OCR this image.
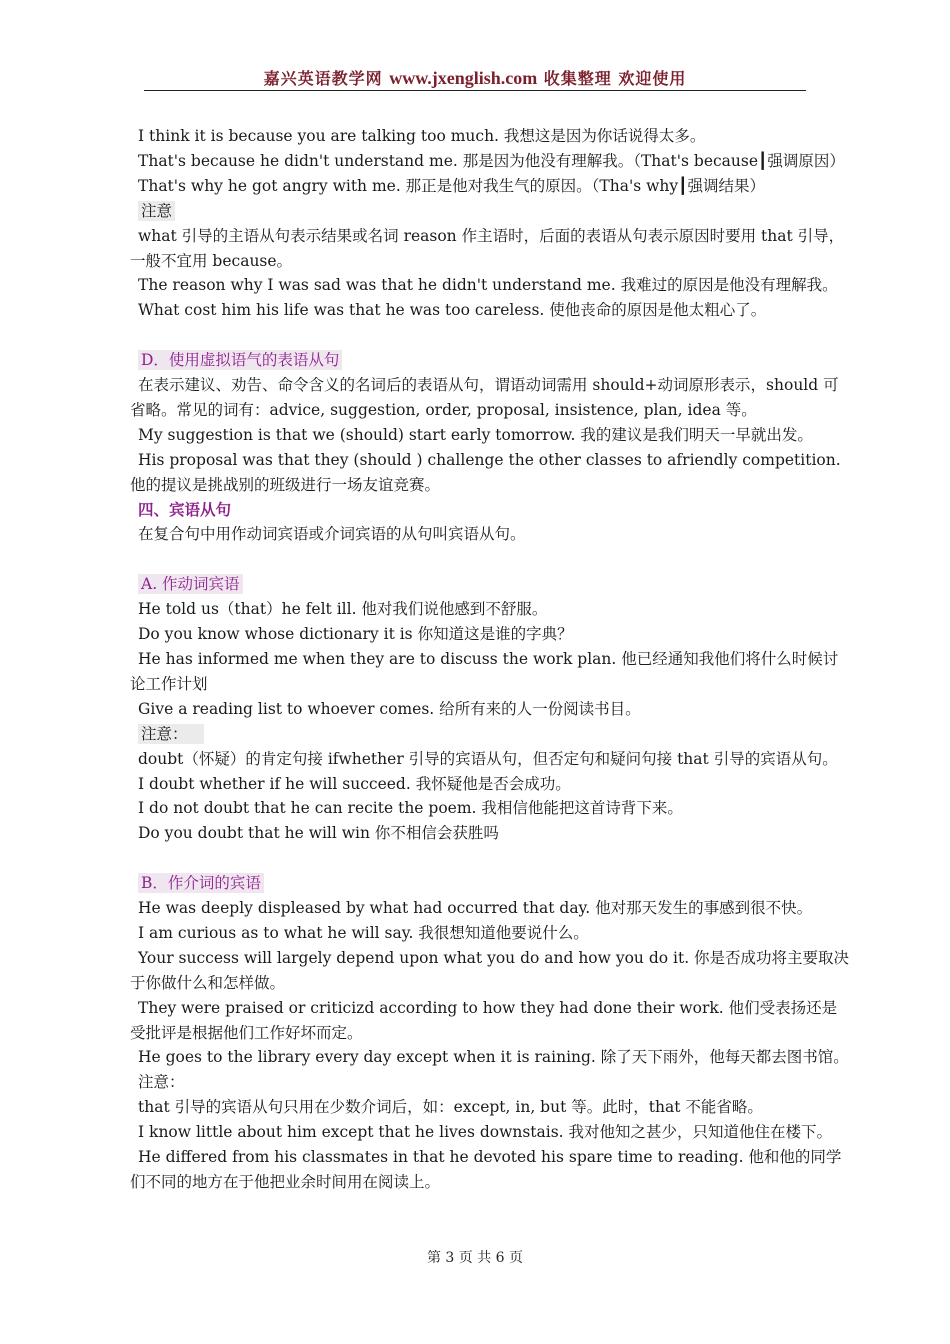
嘉兴英语教学网 www.jxenglish.com 收集整理 欢迎使用
I think it is because you are talking too much. 我想这是因为你话说得太多。
That's because he didn't understand me. 那是因为他没有理解我。（That's because┃强调原因）
That's why he got angry with me. 那正是他对我生气的原因。（Tha's why┃强调结果）
注意
what 引导的主语从句表示结果或名词 reason 作主语时，后面的表语从句表示原因时要用 that 引导，一般不宜用 because。
The reason why I was sad was that he didn't understand me. 我难过的原因是他没有理解我。
What cost him his life was that he was too careless. 使他丧命的原因是他太粗心了。
D．使用虚拟语气的表语从句
在表示建议、劝告、命令含义的名词后的表语从句，谓语动词需用 should+动词原形表示，should 可省略。常见的词有：advice, suggestion, order, proposal, insistence, plan, idea 等。
My suggestion is that we (should) start early tomorrow. 我的建议是我们明天一早就出发。
His proposal was that they (should ) challenge the other classes to afriendly competition. 他的提议是挑战别的班级进行一场友谊竞赛。
四、宾语从句
在复合句中用作动词宾语或介词宾语的从句叫宾语从句。
A. 作动词宾语
He told us（that）he felt ill. 他对我们说他感到不舒服。
Do you know whose dictionary it is 你知道这是谁的字典？
He has informed me when they are to discuss the work plan. 他已经通知我他们将什么时候讨论工作计划
Give a reading list to whoever comes. 给所有来的人一份阅读书目。
注意：
doubt（怀疑）的肯定句接 ifwhether 引导的宾语从句，但否定句和疑问句接 that 引导的宾语从句。
I doubt whether if he will succeed. 我怀疑他是否会成功。
I do not doubt that he can recite the poem. 我相信他能把这首诗背下来。
Do you doubt that he will win 你不相信会获胜吗
B．作介词的宾语
He was deeply displeased by what had occurred that day. 他对那天发生的事感到很不快。
I am curious as to what he will say. 我很想知道他要说什么。
Your success will largely depend upon what you do and how you do it. 你是否成功将主要取决于你做什么和怎样做。
They were praised or criticizd according to how they had done their work. 他们受表扬还是受批评是根据他们工作好坏而定。
He goes to the library every day except when it is raining. 除了天下雨外，他每天都去图书馆。
注意：
that 引导的宾语从句只用在少数介词后，如：except, in, but 等。此时，that 不能省略。
I know little about him except that he lives downstais. 我对他知之甚少，只知道他住在楼下。
He differed from his classmates in that he devoted his spare time to reading. 他和他的同学们不同的地方在于他把业余时间用在阅读上。
第 3 页 共 6 页
